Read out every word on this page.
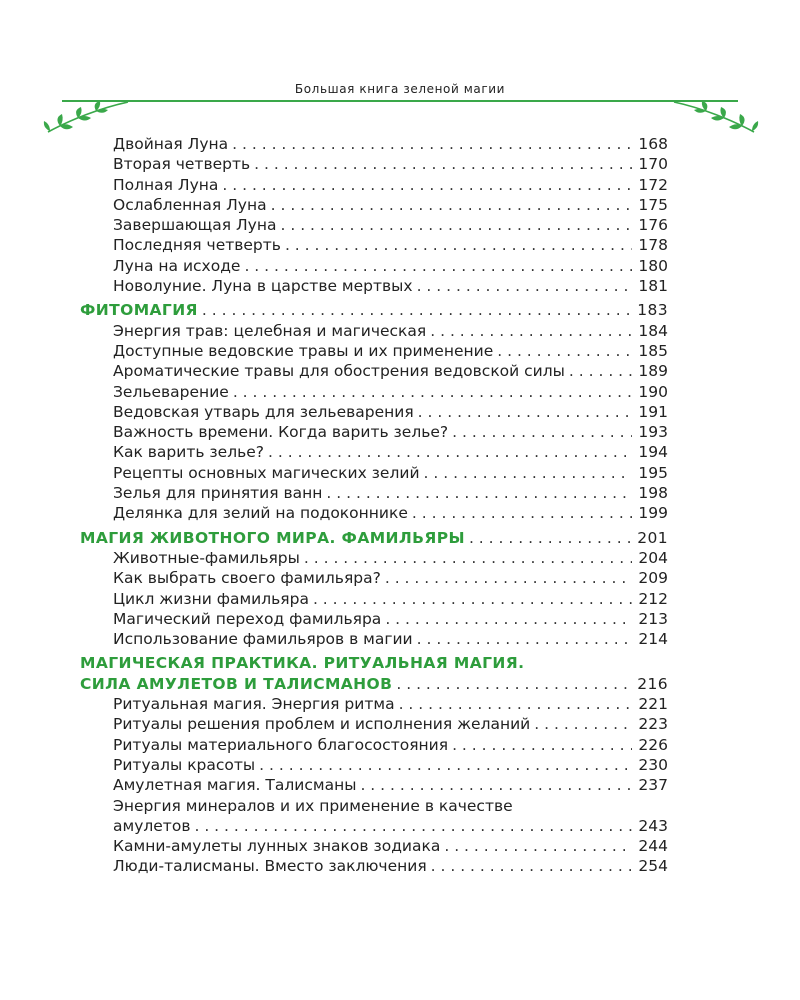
Большая книга зеленой магии
Двойная Луна . . .	168
Вторая четверть . . .	170
Полная Луна . . .	172
Ослабленная Луна . . .	175
Завершающая Луна . . .	176
Последняя четверть . . .	178
Луна на исходе . . .	180
Новолуние. Луна в царстве мертвых . . .	181
ФИТОМАГИЯ . . .	183
Энергия трав: целебная и магическая . . .	184
Доступные ведовские травы и их применение . . .	185
Ароматические травы для обострения ведовской силы . . .	189
Зельеварение . . .	190
Ведовская утварь для зельеварения . . .	191
Важность времени. Когда варить зелье? . . .	193
Как варить зелье? . . .	194
Рецепты основных магических зелий . . .	195
Зелья для принятия ванн . . .	198
Делянка для зелий на подоконнике . . .	199
МАГИЯ ЖИВОТНОГО МИРА. ФАМИЛЬЯРЫ . . .	201
Животные-фамильяры . . .	204
Как выбрать своего фамильяра? . . .	209
Цикл жизни фамильяра . . .	212
Магический переход фамильяра . . .	213
Использование фамильяров в магии . . .	214
МАГИЧЕСКАЯ ПРАКТИКА. РИТУАЛЬНАЯ МАГИЯ.
СИЛА АМУЛЕТОВ И ТАЛИСМАНОВ . . .	216
Ритуальная магия. Энергия ритма . . .	221
Ритуалы решения проблем и исполнения желаний . . .	223
Ритуалы материального благосостояния . . .	226
Ритуалы красоты . . .	230
Амулетная магия. Талисманы . . .	237
Энергия минералов и их применение в качестве
амулетов . . .	243
Камни-амулеты лунных знаков зодиака . . .	244
Люди-талисманы. Вместо заключения . . .	254
